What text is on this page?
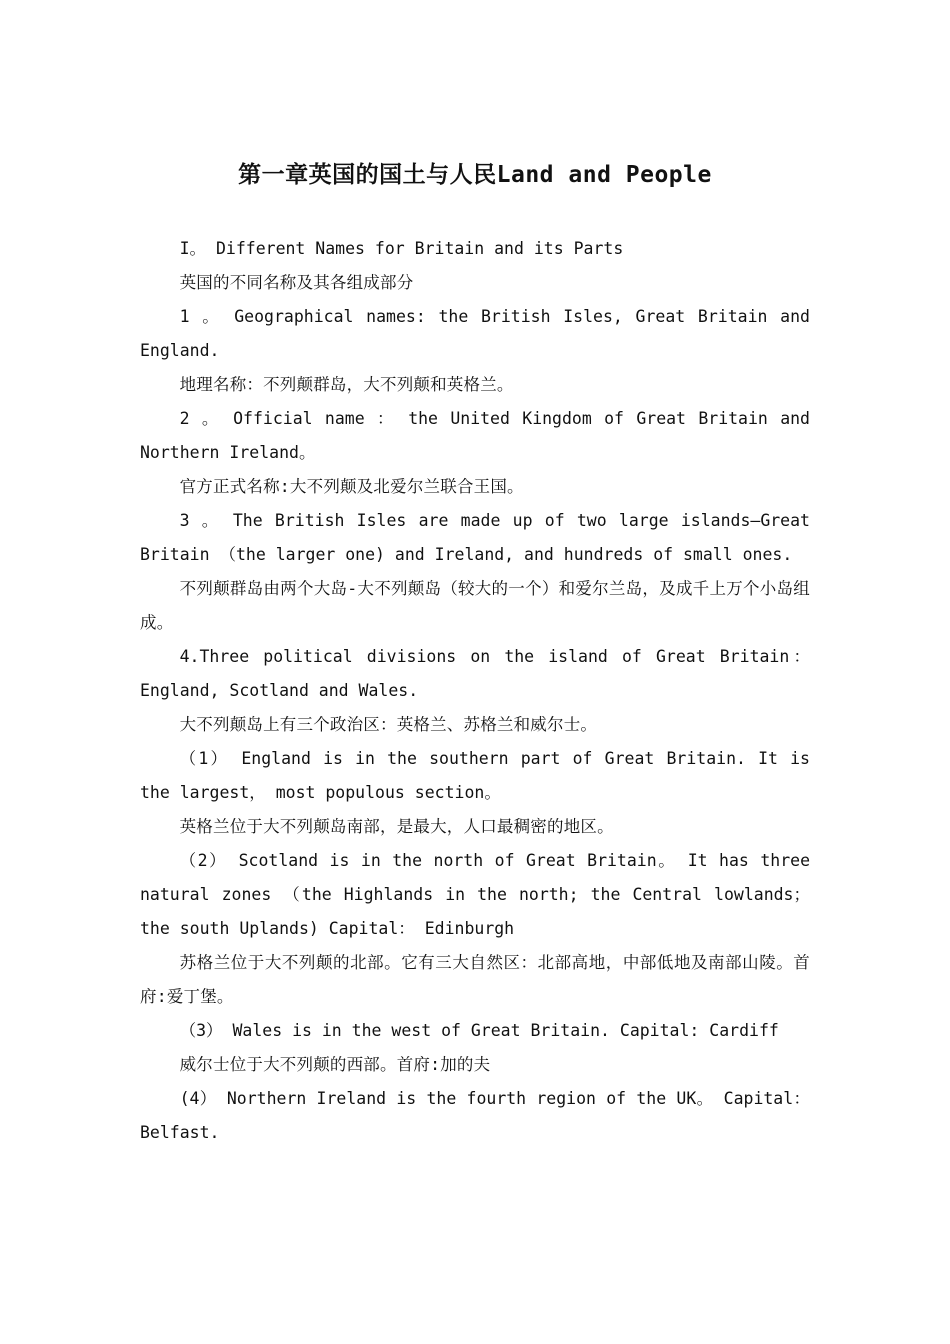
第一章英国的国土与人民Land and People

I。 Different Names for Britain and its Parts

英国的不同名称及其各组成部分

1 。 Geographical names: the British Isles, Great Britain and England.

地理名称：不列颠群岛，大不列颠和英格兰。

2 。 Official name ： the United Kingdom of Great Britain and Northern Ireland。

官方正式名称:大不列颠及北爱尔兰联合王国。

3 。 The British Isles are made up of two large islands—Great Britain （the larger one) and Ireland, and hundreds of small ones.

不列颠群岛由两个大岛-大不列颠岛（较大的一个）和爱尔兰岛，及成千上万个小岛组成。

4.Three political divisions on the island of Great Britain：England, Scotland and Wales.

大不列颠岛上有三个政治区：英格兰、苏格兰和威尔士。

（1） England is in the southern part of Great Britain. It is the largest， most populous section。

英格兰位于大不列颠岛南部，是最大，人口最稠密的地区。

（2） Scotland is in the north of Great Britain。 It has three natural zones （the Highlands in the north; the Central lowlands； the south Uplands) Capital： Edinburgh

苏格兰位于大不列颠的北部。它有三大自然区：北部高地，中部低地及南部山陵。首府:爱丁堡。

（3） Wales is in the west of Great Britain. Capital: Cardiff

威尔士位于大不列颠的西部。首府:加的夫

(4） Northern Ireland is the fourth region of the UK。 Capital：Belfast.
